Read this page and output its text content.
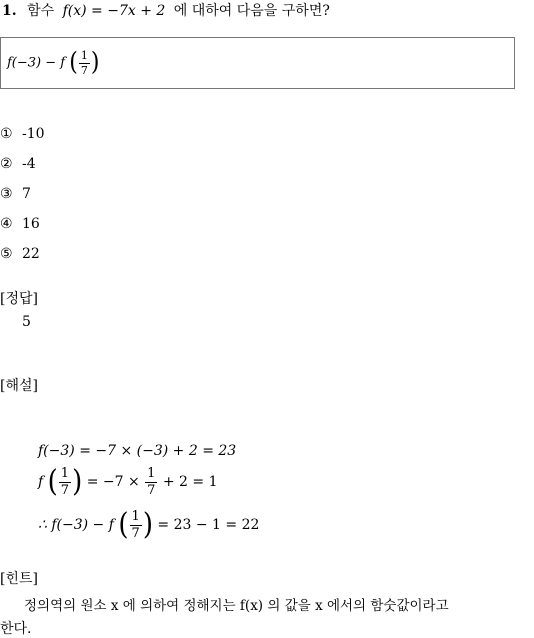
1. 함수 f(x) = −7x + 2 에 대하여 다음을 구하면?
f(−3) − f ( $\frac{1}{7}$ )
① -10
② -4
③ 7
④ 16
⑤ 22
[정답]
5
[해설]
f(−3) = −7 × (−3) + 2 = 23
f ( $\frac{1}{7}$ ) = $-7 \times \frac{1}{7} + 2 = 1$
∴ f(−3) − f ( $\frac{1}{7}$ ) = 23 − 1 = 22
[힌트]
정의역의 원소 x 에 의하여 정해지는 f(x) 의 값을 x 에서의 함숫값이라고
한다.
